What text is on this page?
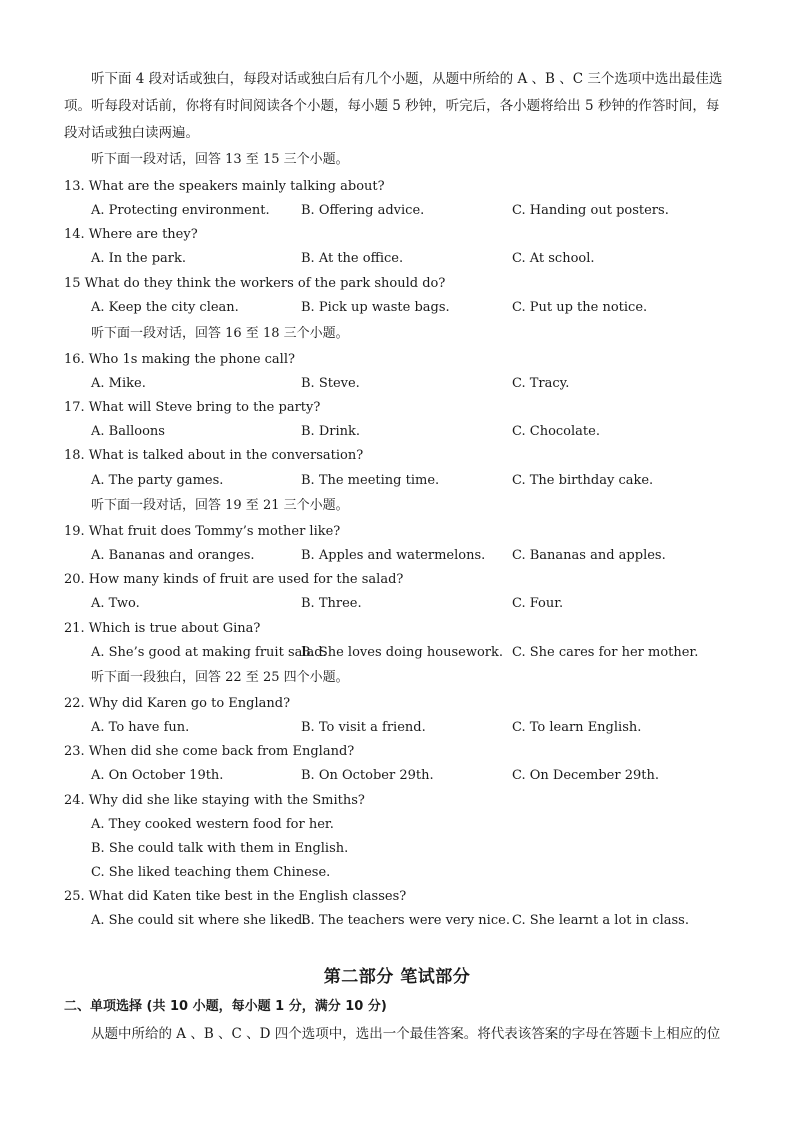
听下面 4 段对话或独白，每段对话或独白后有几个小题，从题中所给的 A 、B 、C 三个选项中选出最佳选
项。听每段对话前，你将有时间阅读各个小题，每小题 5 秒钟，听完后，各小题将给出 5 秒钟的作答时间，每
段对话或独白读两遍。
听下面一段对话，回答 13 至 15 三个小题。
13. What are the speakers mainly talking about?
A. Protecting environment. B. Offering advice.	C. Handing out posters.
14. Where are they?
A. In the park.	B. At the office.	C. At school.
15 What do they think the workers of the park should do?
A. Keep the city clean.	B. Pick up waste bags.	C. Put up the notice.
听下面一段对话，回答 16 至 18 三个小题。
16. Who 1s making the phone call?
A. Mike.	B. Steve.	C. Tracy.
17. What will Steve bring to the party?
A. Balloons	B. Drink.	C. Chocolate.
18. What is talked about in the conversation?
A. The party games.	B. The meeting time.	C. The birthday cake.
听下面一段对话，回答 19 至 21 三个小题。
19. What fruit does Tommy’s mother like?
A. Bananas and oranges.	B. Apples and watermelons. C. Bananas and apples.
20. How many kinds of fruit are used for the salad?
A. Two.	B. Three.	C. Four.
21. Which is true about Gina?
A. She’s good at making fruit salad.
B. She loves doing housework. C. She cares for her mother.
听下面一段独白，回答 22 至 25 四个小题。
22. Why did Karen go to England?
A. To have fun.	B. To visit a friend.	C. To learn English.
23. When did she come back from England?
A. On October 19th.	B. On October 29th.	C. On December 29th.
24. Why did she like staying with the Smiths?
A. They cooked western food for her.
B. She could talk with them in English.
C. She liked teaching them Chinese.
25. What did Katen tike best in the English classes?
A. She could sit where she liked.
B. The teachers were very nice. C. She learnt a lot in class.
第二部分 笔试部分
二、单项选择 (共 10 小题，每小题 1 分，满分 10 分)
从题中所给的 A 、B 、C 、D 四个选项中，选出一个最佳答案。将代表该答案的字母在答题卡上相应的位
